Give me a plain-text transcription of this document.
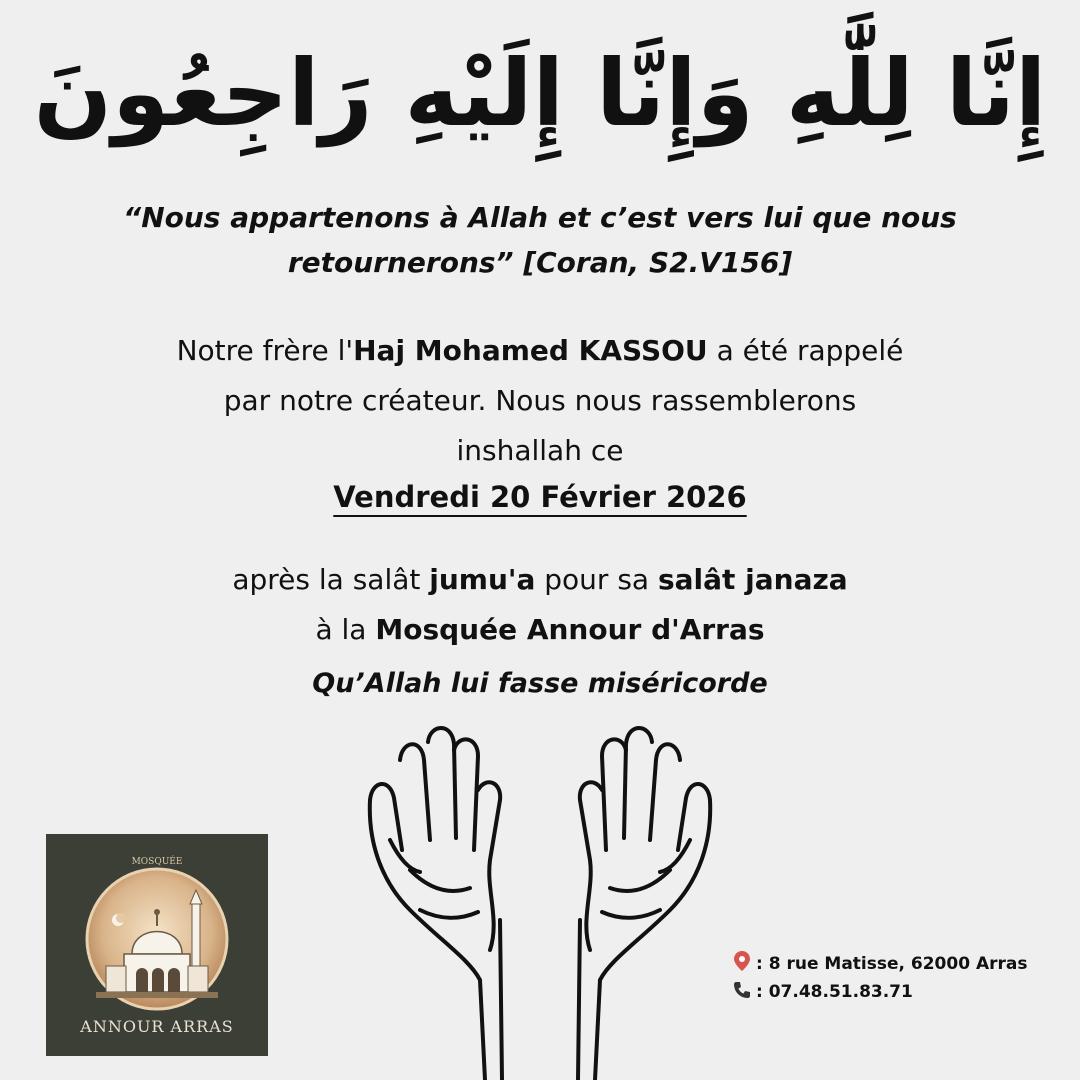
إِنَّا لِلَّٰهِ وَإِنَّا إِلَيْهِ رَاجِعُونَ
“Nous appartenons à Allah et c’est vers lui que nous
retournerons” [Coran, S2.V156]
Notre frère l'Haj Mohamed KASSOU a été rappelé
par notre créateur. Nous nous rassemblerons
inshallah ce
Vendredi 20 Février 2026
après la salât jumu'a pour sa salât janaza
à la Mosquée Annour d'Arras
Qu’Allah lui fasse miséricorde
MOSQUÉE
ANNOUR ARRAS
: 8 rue Matisse, 62000 Arras
: 07.48.51.83.71
